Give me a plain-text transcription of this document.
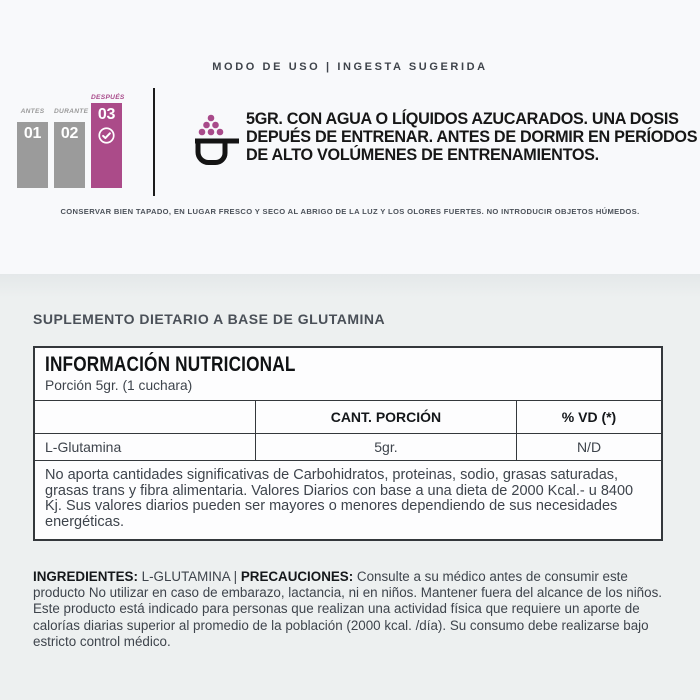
MODO DE USO | INGESTA SUGERIDA
ANTES	DURANTE
DESPUÉS
01	02
03	5GR. CON AGUA O LÍQUIDOS AZUCARADOS. UNA DOSIS DEPUÉS DE ENTRENAR. ANTES DE DORMIR EN PERÍODOS DE ALTO VOLÚMENES DE ENTRENAMIENTOS.

CONSERVAR BIEN TAPADO, EN LUGAR FRESCO Y SECO AL ABRIGO DE LA LUZ Y LOS OLORES FUERTES. NO INTRODUCIR OBJETOS HÚMEDOS.

SUPLEMENTO DIETARIO A BASE DE GLUTAMINA

INFORMACIÓN NUTRICIONAL
Porción 5gr. (1 cuchara)		

	CANT. PORCIÓN	% VD (*)
L-Glutamina	5gr.	N/D

No aporta cantidades significativas de Carbohidratos, proteinas, sodio, grasas saturadas, grasas trans y fibra alimentaria. Valores Diarios con base a una dieta de 2000 Kcal.- u 8400 Kj. Sus valores diarios pueden ser mayores o menores dependiendo de sus necesidades energéticas.		

INGREDIENTES: L-GLUTAMINA | PRECAUCIONES: Consulte a su médico antes de consumir este producto No utilizar en caso de embarazo, lactancia, ni en niños. Mantener fuera del alcance de los niños. Este producto está indicado para personas que realizan una actividad física que requiere un aporte de calorías diarias superior al promedio de la población (2000 kcal. /día). Su consumo debe realizarse bajo estricto control médico.
